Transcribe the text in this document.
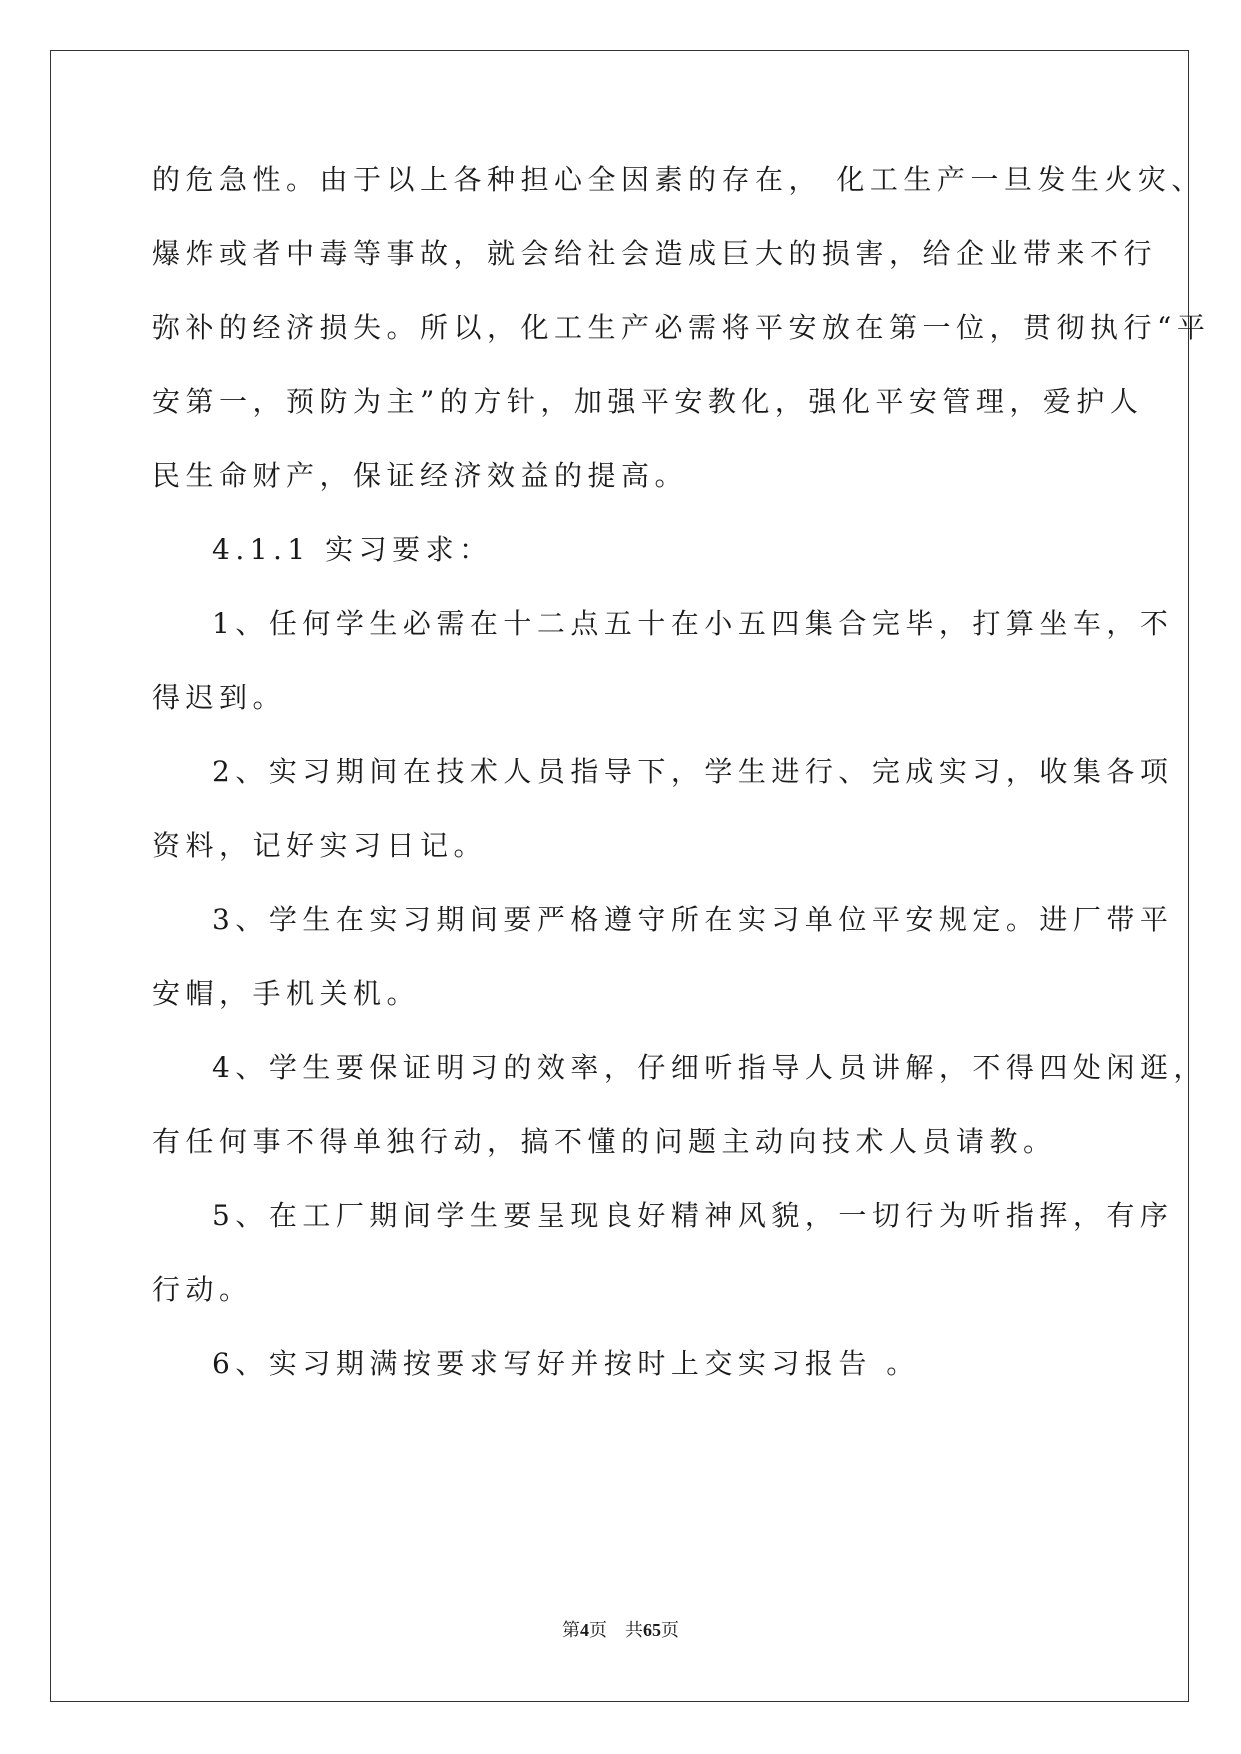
的危急性。由于以上各种担心全因素的存在， 化工生产一旦发生火灾、
爆炸或者中毒等事故，就会给社会造成巨大的损害，给企业带来不行
弥补的经济损失。所以，化工生产必需将平安放在第一位，贯彻执行“平
安第一，预防为主”的方针，加强平安教化，强化平安管理，爱护人
民生命财产，保证经济效益的提高。
4.1.1 实习要求：
1、任何学生必需在十二点五十在小五四集合完毕，打算坐车，不
得迟到。
2、实习期间在技术人员指导下，学生进行、完成实习，收集各项
资料，记好实习日记。
3、学生在实习期间要严格遵守所在实习单位平安规定。进厂带平
安帽，手机关机。
4、学生要保证明习的效率，仔细听指导人员讲解，不得四处闲逛，
有任何事不得单独行动，搞不懂的问题主动向技术人员请教。
5、在工厂期间学生要呈现良好精神风貌，一切行为听指挥，有序
行动。
6、实习期满按要求写好并按时上交实习报告 。
第4页　共65页
